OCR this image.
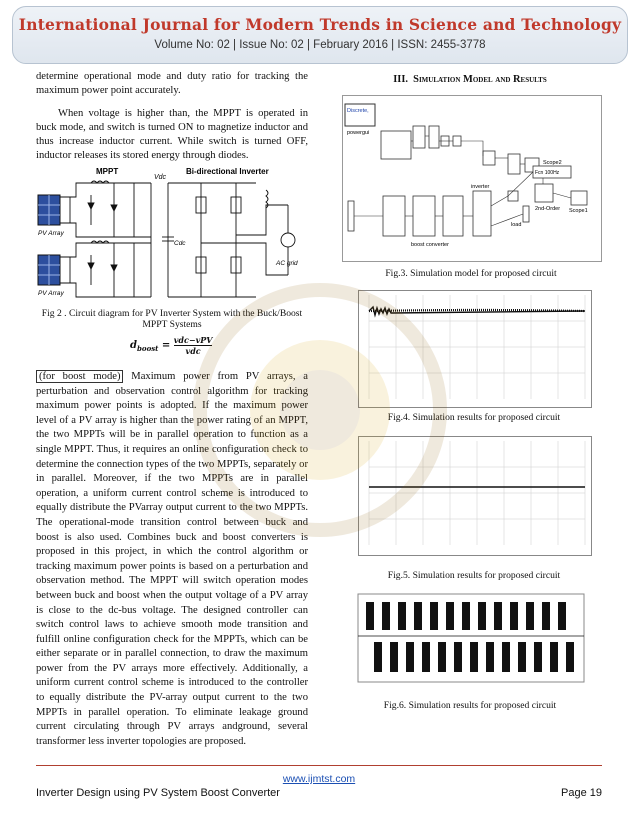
International Journal for Modern Trends in Science and Technology
Volume No: 02 | Issue No: 02 | February 2016 | ISSN: 2455-3778

determine operational mode and duty ratio for tracking the maximum power point accurately.

When voltage is higher than, the MPPT is operated in buck mode, and switch is turned ON to magnetize inductor and thus increase inductor current. While switch is turned OFF, inductor releases its stored energy through diodes.

MPPT	Bi-directional Inverter
Vdc
PV Array
PV Array
Cdc
AC grid
Fig 2 . Circuit diagram for PV Inverter System with the Buck/Boost MPPT Systems
$d_{boost} = vdc-vPV$
vdc
(for boost mode) Maximum power from PV arrays, a perturbation and observation control algorithm for tracking maximum power points is adopted. If the maximum power level of a PV array is higher than the power rating of an MPPT, the two MPPTs will be in parallel operation to function as a single MPPT. Thus, it requires an online configuration check to determine the connection types of the two MPPTs, separately or in parallel. Moreover, if the two MPPTs are in parallel operation, a uniform current control scheme is introduced to equally distribute the PVarray output current to the two MPPTs. The operational-mode transition control between buck and boost is also used. Combines buck and boost converters is proposed in this project, in which the control algorithm or tracking maximum power points is based on a perturbation and observation method. The MPPT will switch operation modes between buck and boost when the output voltage of a PV array is close to the dc-bus voltage. The designed controller can switch control laws to achieve smooth mode transition and fulfill online configuration check for the MPPTs, which can be either separate or in parallel connection, to draw the maximum power from the PV arrays more effectively. Additionally, a uniform current control scheme is introduced to the controller to equally distribute the PV-array output current to the two MPPTs in parallel operation. To eliminate leakage ground current circulating through PV arrays andground, several transformer less inverter topologies are proposed.
III. Simulation Model and Results
Discrete,
powergui
Scope2
Fcn 100Hz
2nd-Order Scope1
inverter
load
boost converter
Fig.3. Simulation model for proposed circuit
Fig.4. Simulation results for proposed circuit
Fig.5. Simulation results for proposed circuit
Fig.6. Simulation results for proposed circuit
www.ijmtst.com
Inverter Design using PV System Boost Converter	Page 19
